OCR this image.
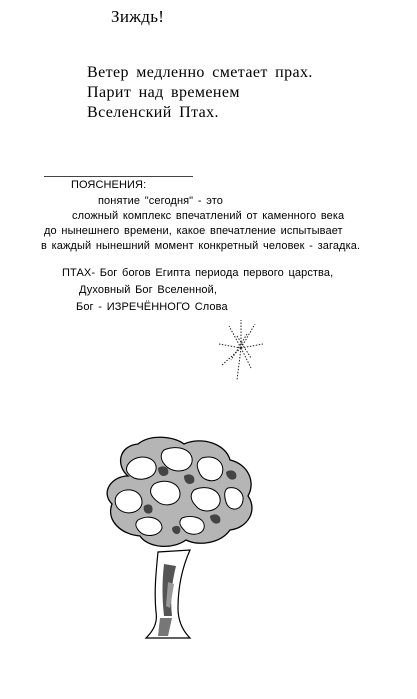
Зиждь!
Ветер медленно сметает прах.
Парит над временем
Вселенский Птах.
ПОЯСНЕНИЯ:
понятие "сегодня" - это
сложный комплекс впечатлений от каменного века
до нынешнего времени, какое впечатление испытывает
в каждый нынешний момент конкретный человек - загадка.
ПТАХ- Бог богов Египта периода первого царства,
Духовный Бог Вселенной,
Бог - ИЗРЕЧЁННОГО Слова
